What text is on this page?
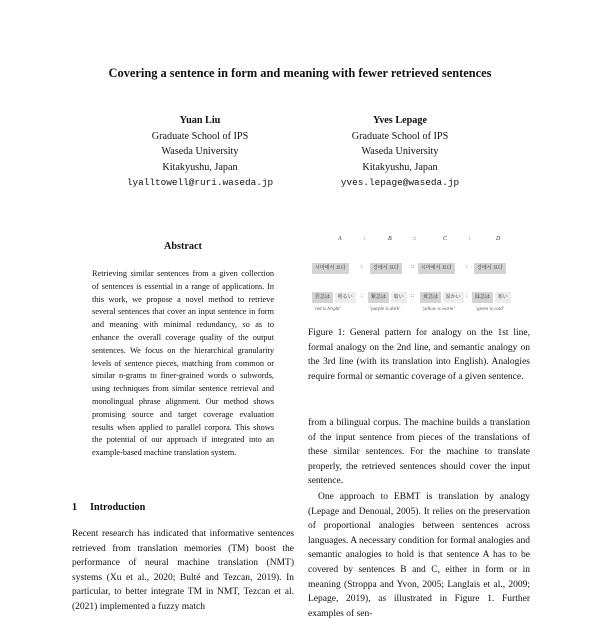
Covering a sentence in form and meaning with fewer retrieved sentences
Yuan Liu
Graduate School of IPS
Waseda University
Kitakyushu, Japan
lyalltowell@ruri.waseda.jp
Yves Lepage
Graduate School of IPS
Waseda University
Kitakyushu, Japan
yves.lepage@waseda.jp
Abstract
Retrieving similar sentences from a given collection of sentences is essential in a range of applications. In this work, we propose a novel method to retrieve several sentences that cover an input sentence in form and meaning with minimal redundancy, so as to enhance the overall coverage quality of the output sentences. We focus on the hierarchical granularity levels of sentence pieces, matching from common or similar n-grams to finer-grained words o subwords, using techniques from similar sentence retrieval and monolingual phrase alignment. Our method shows promising source and target coverage evaluation results when applied to parallel corpora. This shows the potential of our approach if integrated into an example-based machine translation system.
1 Introduction
Recent research has indicated that informative sentences retrieved from translation memories (TM) boost the performance of neural machine translation (NMT) systems (Xu et al., 2020; Bulté and Tezcan, 2019). In particular, to better integrate TM in NMT, Tezcan et al. (2021) implemented a fuzzy match
A	:	B	::	C	:	D
시마에서 요다	:	강에서 요다	::	시마에서 요다	:	강에서 요다
若急は 明るい	:	紫急は 暗い	::	黄急は 温かい :	緑急は 寒い
'red is bright'	'purple is dark'	'yellow is warm'	'green is cold'
Figure 1: General pattern for analogy on the 1st line, formal analogy on the 2nd line, and semantic analogy on the 3rd line (with its translation into English). Analogies require formal or semantic coverage of a given sentence.

from a bilingual corpus. The machine builds a translation of the input sentence from pieces of the translations of these similar sentences. For the machine to translate properly, the retrieved sentences should cover the input sentence.

One approach to EBMT is translation by analogy (Lepage and Denoual, 2005). It relies on the preservation of proportional analogies between sentences across languages. A necessary condition for formal analogies and semantic analogies to hold is that sentence A has to be covered by sentences B and C, either in form or in meaning (Stroppa and Yvon, 2005; Langlais et al., 2009; Lepage, 2019), as illustrated in Figure 1. Further examples of sen-
